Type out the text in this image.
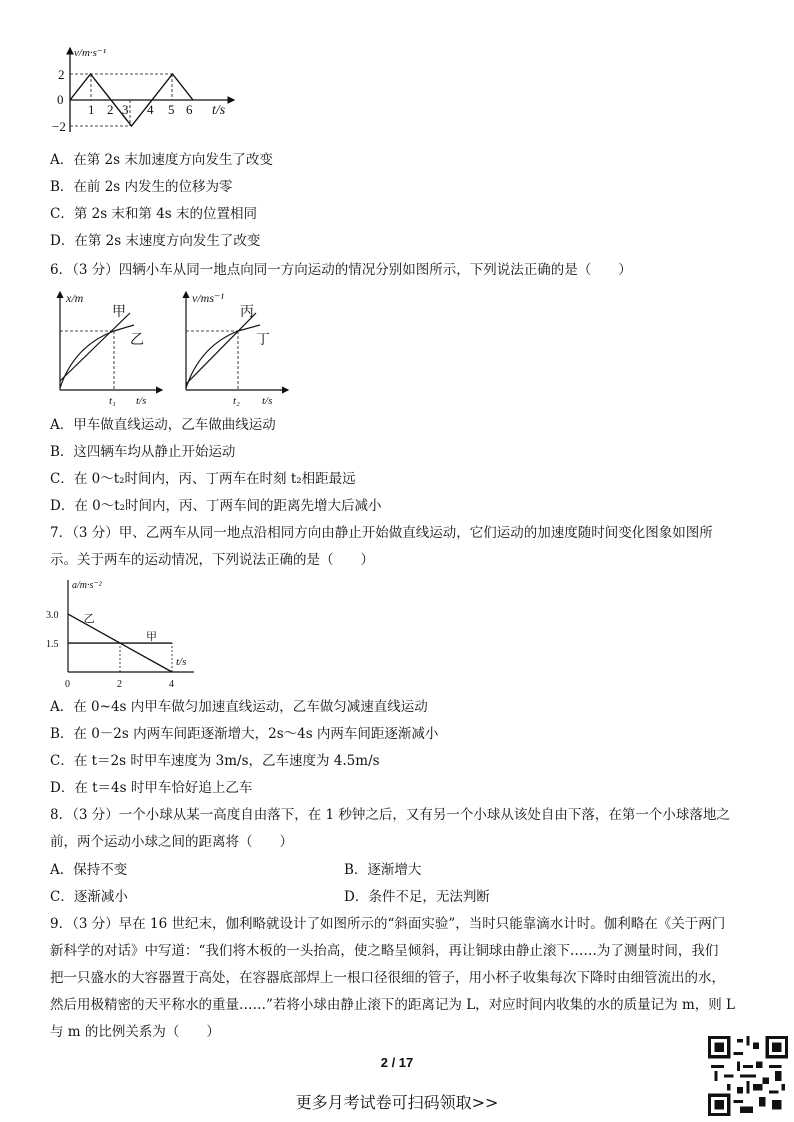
v/m·s⁻¹
t/s
0
2
−2
1 2 3 4 5 6
A．在第 2s 末加速度方向发生了改变
B．在前 2s 内发生的位移为零
C．第 2s 末和第 4s 末的位置相同
D．在第 2s 末速度方向发生了改变
6．（3 分）四辆小车从同一地点向同一方向运动的情况分别如图所示，下列说法正确的是（　　）
x/m
甲
乙
t₁ t/s
v/ms⁻¹
丙
丁
t₂ t/s
A．甲车做直线运动，乙车做曲线运动
B．这四辆车均从静止开始运动
C．在 0～t₂时间内，丙、丁两车在时刻 t₂相距最远
D．在 0～t₂时间内，丙、丁两车间的距离先增大后减小
7．（3 分）甲、乙两车从同一地点沿相同方向由静止开始做直线运动，它们运动的加速度随时间变化图象如图所
示。关于两车的运动情况，下列说法正确的是（　　）
甲
乙
0	2	4
1.5
3.0
a/m·s⁻²
t/s
A．在 0~4s 内甲车做匀加速直线运动，乙车做匀减速直线运动
B．在 0－2s 内两车间距逐渐增大，2s～4s 内两车间距逐渐减小
C．在 t＝2s 时甲车速度为 3m/s，乙车速度为 4.5m/s
D．在 t＝4s 时甲车恰好追上乙车
8．（3 分）一个小球从某一高度自由落下，在 1 秒钟之后，又有另一个小球从该处自由下落，在第一个小球落地之
前，两个运动小球之间的距离将（　　）
A．保持不变	B．逐渐增大
C．逐渐减小	D．条件不足，无法判断
9．（3 分）早在 16 世纪末，伽利略就设计了如图所示的“斜面实验”，当时只能靠滴水计时。伽利略在《关于两门
新科学的对话》中写道：“我们将木板的一头抬高，使之略呈倾斜，再让铜球由静止滚下……为了测量时间，我们
把一只盛水的大容器置于高处，在容器底部焊上一根口径很细的管子，用小杯子收集每次下降时由细管流出的水，
然后用极精密的天平称水的重量……”若将小球由静止滚下的距离记为 L，对应时间内收集的水的质量记为 m，则 L
与 m 的比例关系为（　　）
2 / 17
更多月考试卷可扫码领取>>
